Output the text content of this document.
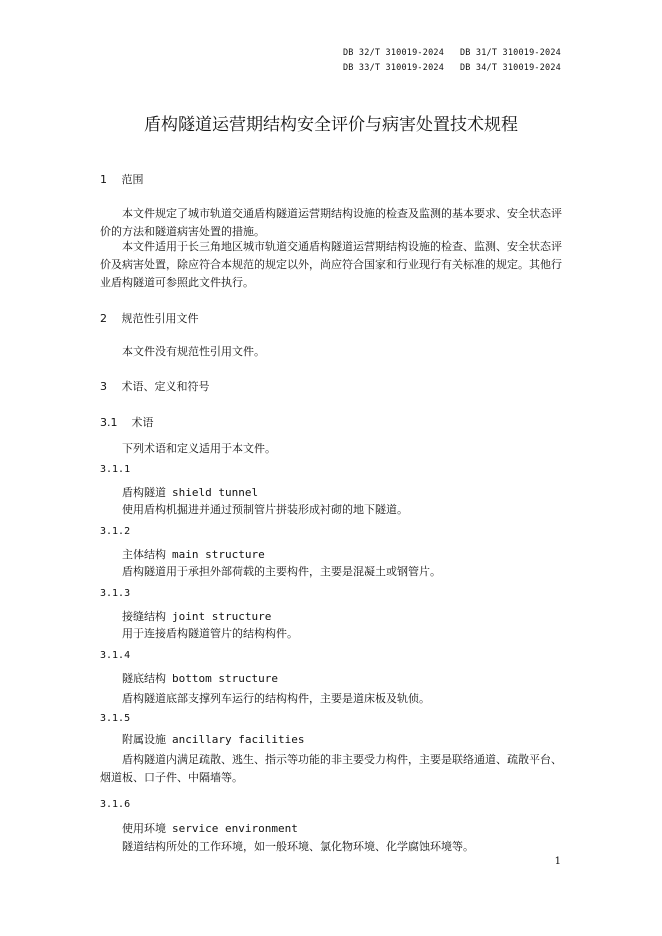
DB 32/T 310019-2024   DB 31/T 310019-2024
DB 33/T 310019-2024   DB 34/T 310019-2024
盾构隧道运营期结构安全评价与病害处置技术规程
1 范围

本文件规定了城市轨道交通盾构隧道运营期结构设施的检查及监测的基本要求、安全状态评价的方法和隧道病害处置的措施。

本文件适用于长三角地区城市轨道交通盾构隧道运营期结构设施的检查、监测、安全状态评价及病害处置，除应符合本规范的规定以外，尚应符合国家和行业现行有关标准的规定。其他行业盾构隧道可参照此文件执行。

2 规范性引用文件

本文件没有规范性引用文件。

3 术语、定义和符号
3.1 术语
下列术语和定义适用于本文件。
3.1.1
盾构隧道 shield tunnel
使用盾构机掘进并通过预制管片拼装形成衬砌的地下隧道。
3.1.2
主体结构 main structure
盾构隧道用于承担外部荷载的主要构件，主要是混凝土或钢管片。
3.1.3
接缝结构 joint structure
用于连接盾构隧道管片的结构构件。
3.1.4
隧底结构 bottom structure
盾构隧道底部支撑列车运行的结构构件，主要是道床板及轨侦。
3.1.5
附属设施 ancillary facilities

盾构隧道内满足疏散、逃生、指示等功能的非主要受力构件，主要是联络通道、疏散平台、烟道板、口子件、中隔墙等。

3.1.6
使用环境 service environment
隧道结构所处的工作环境，如一般环境、氯化物环境、化学腐蚀环境等。
1
